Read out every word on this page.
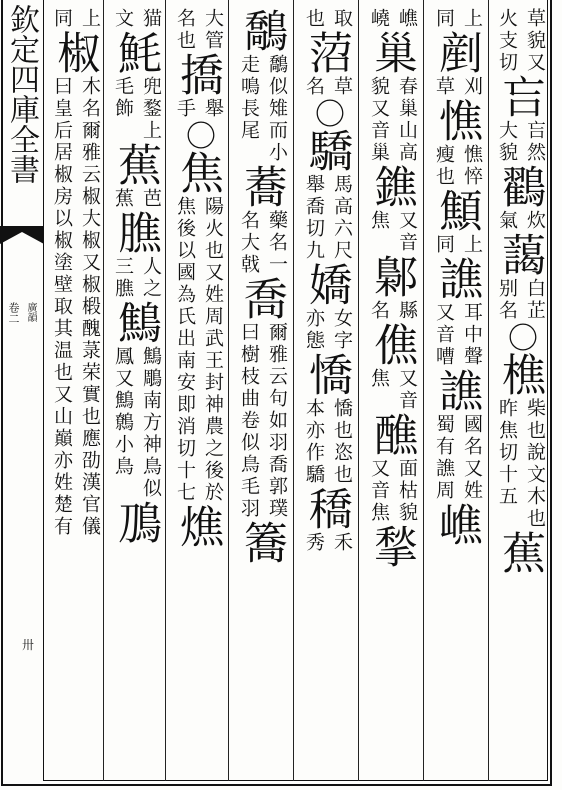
欽定四庫全書
廣韻
卷二
卅
上
同
椒
木名爾雅云椒大椒又椒椴醜菉荣實也應劭漢官儀
曰皇后居椒房以椒塗壁取其温也又山巔亦姓楚有
猫
文
魹
兜鍪上
毛飾
蕉
芭
蕉
膲
人之
三膲
鷦
鷦鵰南方神鳥似
鳳又鷦鷯小鳥
鳭
大管
名也
撟
舉
手
〇
焦
陽火也又姓周武王封神農之後於
焦後以國為氏出南安即消切十七
燋
鷮
鷮似雉而小
走鳴長尾
蕎
藥名一
名大戟
喬
爾雅云句如羽喬郭璞
曰樹枝曲卷似鳥毛羽
簥
取
也
菬
草
名
〇
驕
馬高六尺
舉喬切九
嬌
女字
亦態
憍
憍也恣也
本亦作驕
穚
禾
秀
嶕
嶢
巢
春巢山高
貌又音巢
鐎
又音
焦
鄡
縣
名
僬
又音
焦
醮
面枯貌
又音焦
揫
上
同
剷
刈
草
憔
憔悴
瘦也
顦
上
同
譙
耳中聲
又音嘈
譙
國名又姓
蜀有譙周
嶕
草貌又
火支切
吂
吂然
大貌
鸐
炊
氣
藹
白芷
别名
〇
樵
柴也說文木也
昨焦切十五
蕉
